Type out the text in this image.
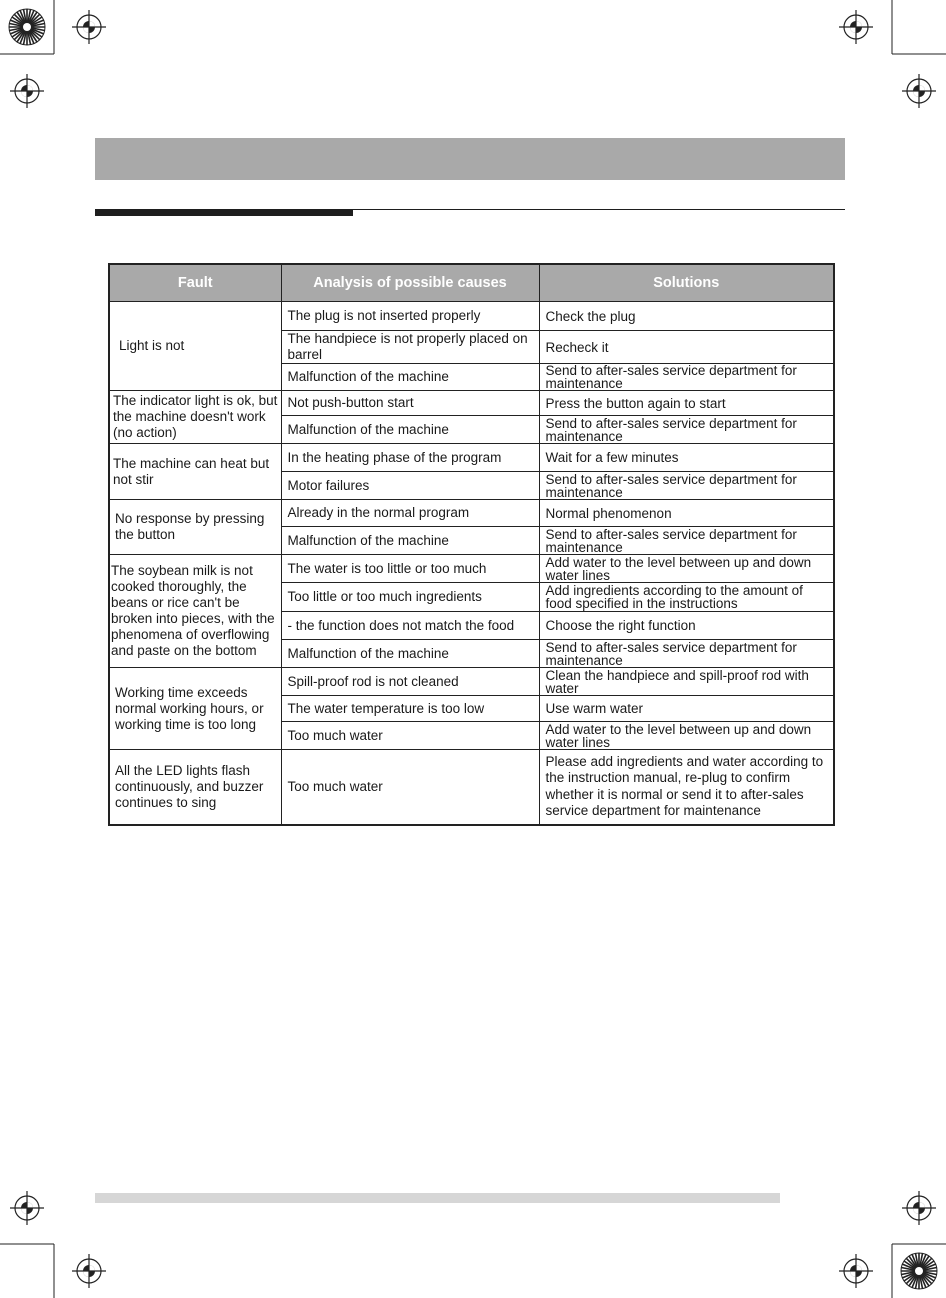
Fault	Analysis of possible causes	Solutions
Light is not	The plug is not inserted properly	Check the plug
	The handpiece is not properly placed on barrel	Recheck it
	Malfunction of the machine	Send to after-sales service department for maintenance
The indicator light is ok, but the machine doesn't work (no action)	Not push-button start	Press the button again to start
	Malfunction of the machine	Send to after-sales service department for maintenance
The machine can heat but not stir	In the heating phase of the program	Wait for a few minutes
	Motor failures	Send to after-sales service department for maintenance
No response by pressing the button	Already in the normal program	Normal phenomenon
	Malfunction of the machine	Send to after-sales service department for maintenance
The soybean milk is not cooked thoroughly, the beans or rice can't be broken into pieces, with the phenomena of overflowing and paste on the bottom	The water is too little or too much	Add water to the level between up and down water lines
	Too little or too much ingredients	Add ingredients according to the amount of food specified in the instructions
	- the function does not match the food	Choose the right function
	Malfunction of the machine	Send to after-sales service department for maintenance
Working time exceeds normal working hours, or working time is too long	Spill-proof rod is not cleaned	Clean the handpiece and spill-proof rod with water
	The water temperature is too low	Use warm water
	Too much water	Add water to the level between up and down water lines
All the LED lights flash continuously, and buzzer continues to sing	Too much water	Please add ingredients and water according to the instruction manual, re-plug to confirm whether it is normal or send it to after-sales service department for maintenance
